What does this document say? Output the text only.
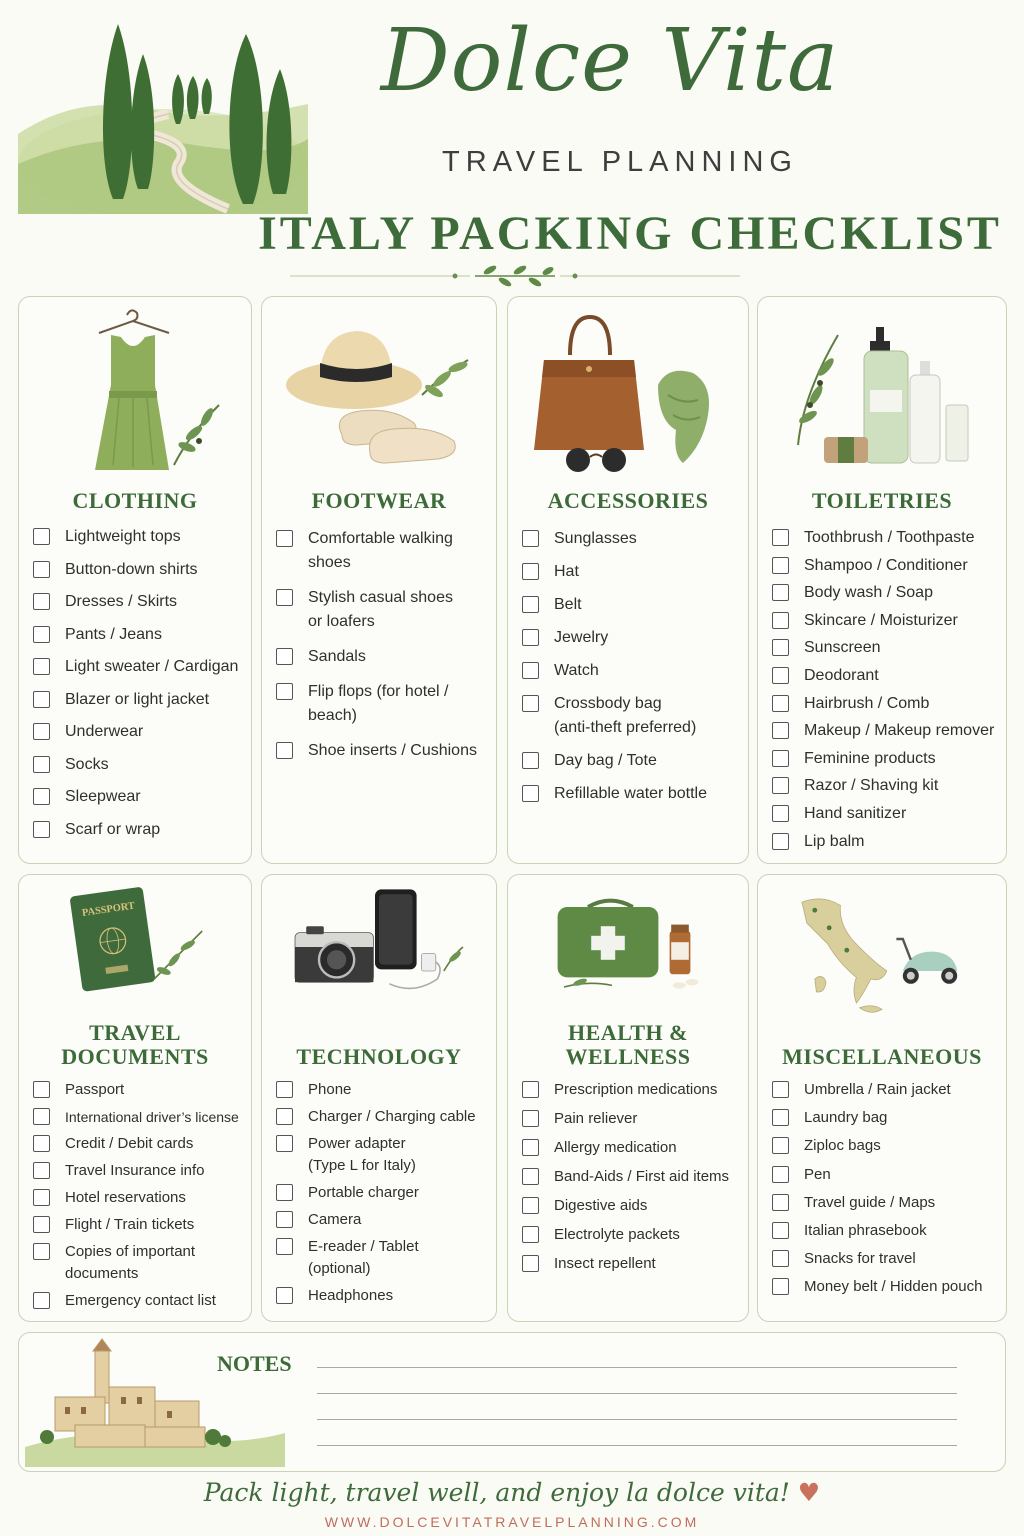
Dolce Vita
TRAVEL PLANNING
ITALY PACKING CHECKLIST
CLOTHING
Lightweight tops
Button-down shirts
Dresses / Skirts
Pants / Jeans
Light sweater / Cardigan
Blazer or light jacket
Underwear
Socks
Sleepwear
Scarf or wrap
FOOTWEAR
Comfortable walking
shoes
Stylish casual shoes
or loafers
Sandals
Flip flops (for hotel /
beach)
Shoe inserts / Cushions
ACCESSORIES
Sunglasses
Hat
Belt
Jewelry
Watch
Crossbody bag
(anti-theft preferred)
Day bag / Tote
Refillable water bottle
TOILETRIES
Toothbrush / Toothpaste
Shampoo / Conditioner
Body wash / Soap
Skincare / Moisturizer
Sunscreen
Deodorant
Hairbrush / Comb
Makeup / Makeup remover
Feminine products
Razor / Shaving kit
Hand sanitizer
Lip balm
PASSPORT
TRAVEL
DOCUMENTS
Passport
International driver’s license
Credit / Debit cards
Travel Insurance info
Hotel reservations
Flight / Train tickets
Copies of important
documents
Emergency contact list
TECHNOLOGY
Phone
Charger / Charging cable
Power adapter
(Type L for Italy)
Portable charger
Camera
E-reader / Tablet
(optional)
Headphones
HEALTH &
WELLNESS
Prescription medications
Pain reliever
Allergy medication
Band-Aids / First aid items
Digestive aids
Electrolyte packets
Insect repellent
MISCELLANEOUS
Umbrella / Rain jacket
Laundry bag
Ziploc bags
Pen
Travel guide / Maps
Italian phrasebook
Snacks for travel
Money belt / Hidden pouch
NOTES
Pack light, travel well, and enjoy la dolce vita! ♥
WWW.DOLCEVITATRAVELPLANNING.COM
